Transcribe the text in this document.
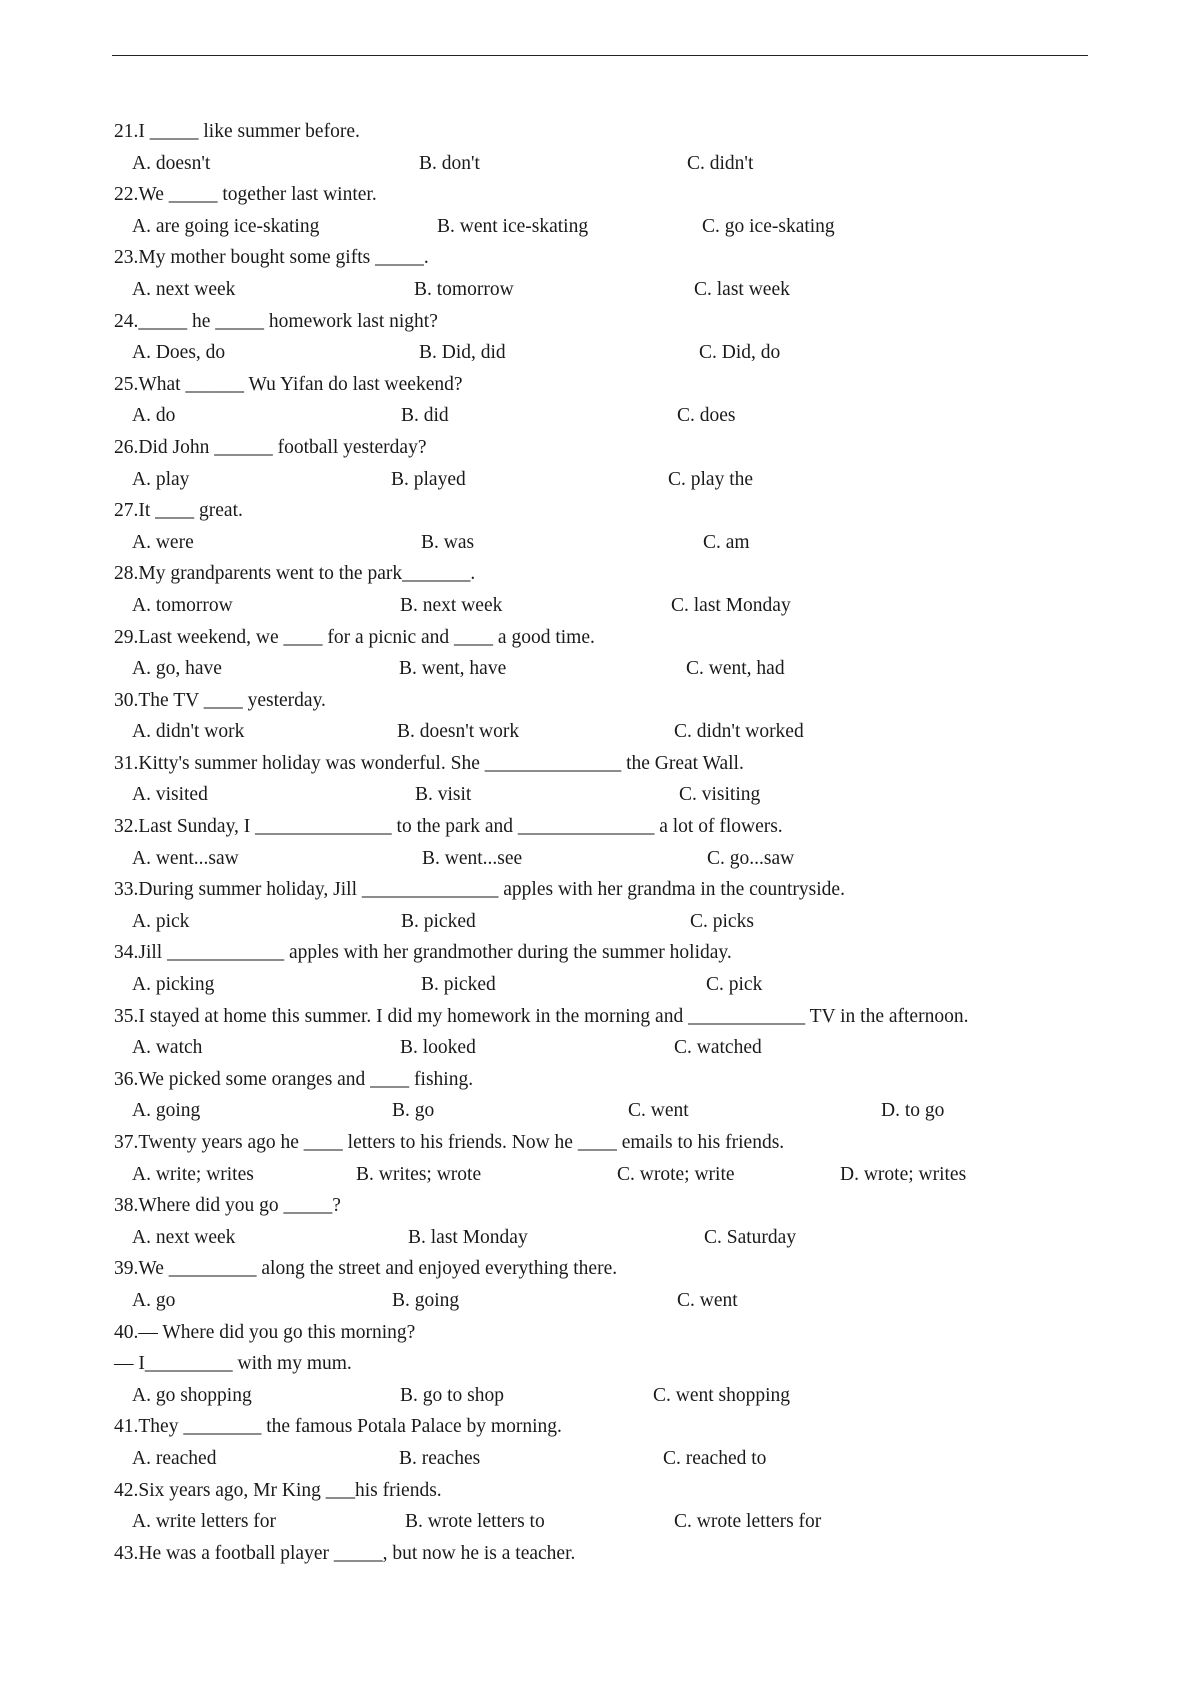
21.I _____ like summer before.
A. doesn't	B. don't	C. didn't
22.We _____ together last winter.
A. are going ice-skating	B. went ice-skating	C. go ice-skating
23.My mother bought some gifts _____.
A. next week	B. tomorrow	C. last week
24._____ he _____ homework last night?
A. Does, do	B. Did, did	C. Did, do
25.What ______ Wu Yifan do last weekend?
A. do	B. did	C. does
26.Did John ______ football yesterday?
A. play	B. played	C. play the
27.It ____ great.
A. were	B. was	C. am
28.My grandparents went to the park_______.
A. tomorrow	B. next week	C. last Monday
29.Last weekend, we ____ for a picnic and ____ a good time.
A. go, have	B. went, have	C. went, had
30.The TV ____ yesterday.
A. didn't work	B. doesn't work	C. didn't worked
31.Kitty's summer holiday was wonderful. She ______________ the Great Wall.
A. visited	B. visit	C. visiting
32.Last Sunday, I ______________ to the park and ______________ a lot of flowers.
A. went...saw	B. went...see	C. go...saw
33.During summer holiday, Jill ______________ apples with her grandma in the countryside.
A. pick	B. picked	C. picks
34.Jill ____________ apples with her grandmother during the summer holiday.
A. picking	B. picked	C. pick
35.I stayed at home this summer. I did my homework in the morning and ____________ TV in the afternoon.
A. watch	B. looked	C. watched
36.We picked some oranges and ____ fishing.
A. going	B. go	C. went	D. to go
37.Twenty years ago he ____ letters to his friends. Now he ____ emails to his friends.
A. write; writes	B. writes; wrote	C. wrote; write	D. wrote; writes
38.Where did you go _____?
A. next week	B. last Monday	C. Saturday
39.We _________ along the street and enjoyed everything there.
A. go	B. going	C. went
40.— Where did you go this morning?
— I_________ with my mum.
A. go shopping	B. go to shop	C. went shopping
41.They ________ the famous Potala Palace by morning.
A. reached	B. reaches	C. reached to
42.Six years ago, Mr King ___his friends.
A. write letters for	B. wrote letters to	C. wrote letters for
43.He was a football player _____, but now he is a teacher.
